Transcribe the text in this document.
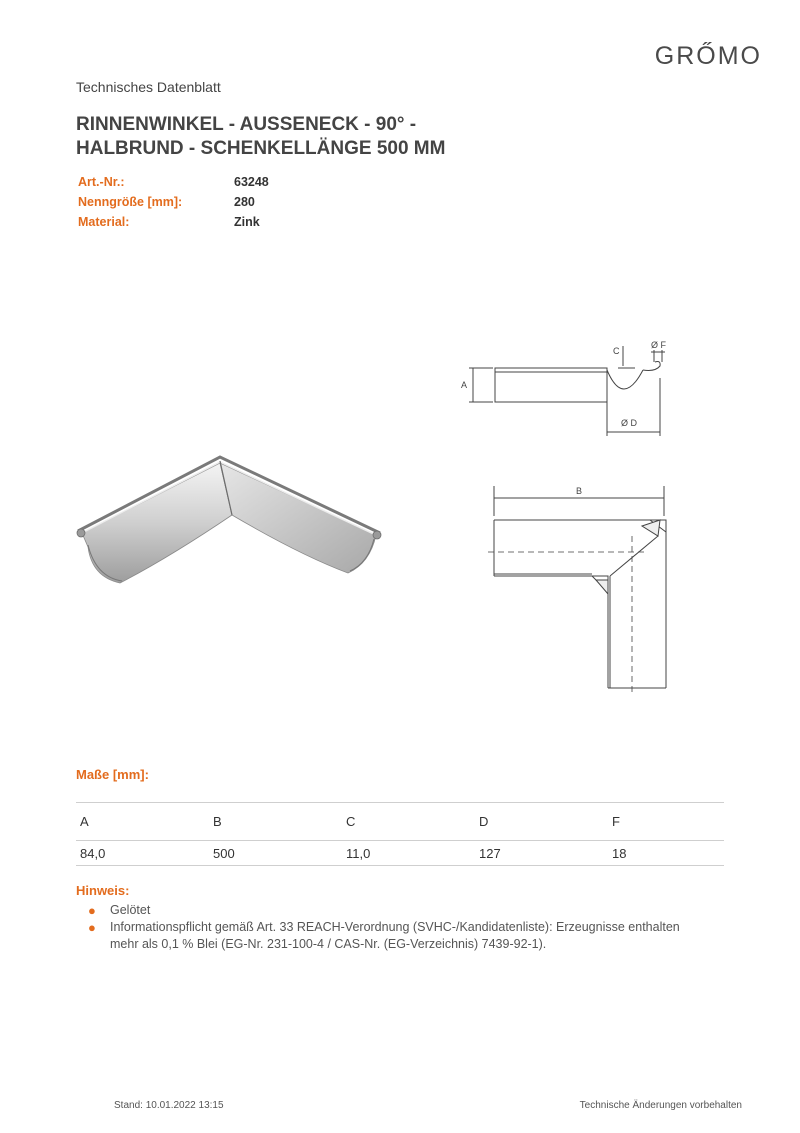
GRŐMO
Technisches Datenblatt
RINNENWINKEL - AUSSENECK - 90° -
HALBRUND - SCHENKELLÄNGE 500 MM
Art.-Nr.:	63248
Nenngröße [mm]:	280
Material:	Zink
A
C
Ø F
Ø D
B
Maße [mm]:
A	B	C	D	F
84,0	500	11,0	127	18
Hinweis:
●	Gelötet
●	Informationspflicht gemäß Art. 33 REACH-Verordnung (SVHC-/Kandidatenliste): Erzeugnisse enthalten mehr als 0,1 % Blei (EG-Nr. 231-100-4 / CAS-Nr. (EG-Verzeichnis) 7439-92-1).
Stand: 10.01.2022 13:15	Technische Änderungen vorbehalten
